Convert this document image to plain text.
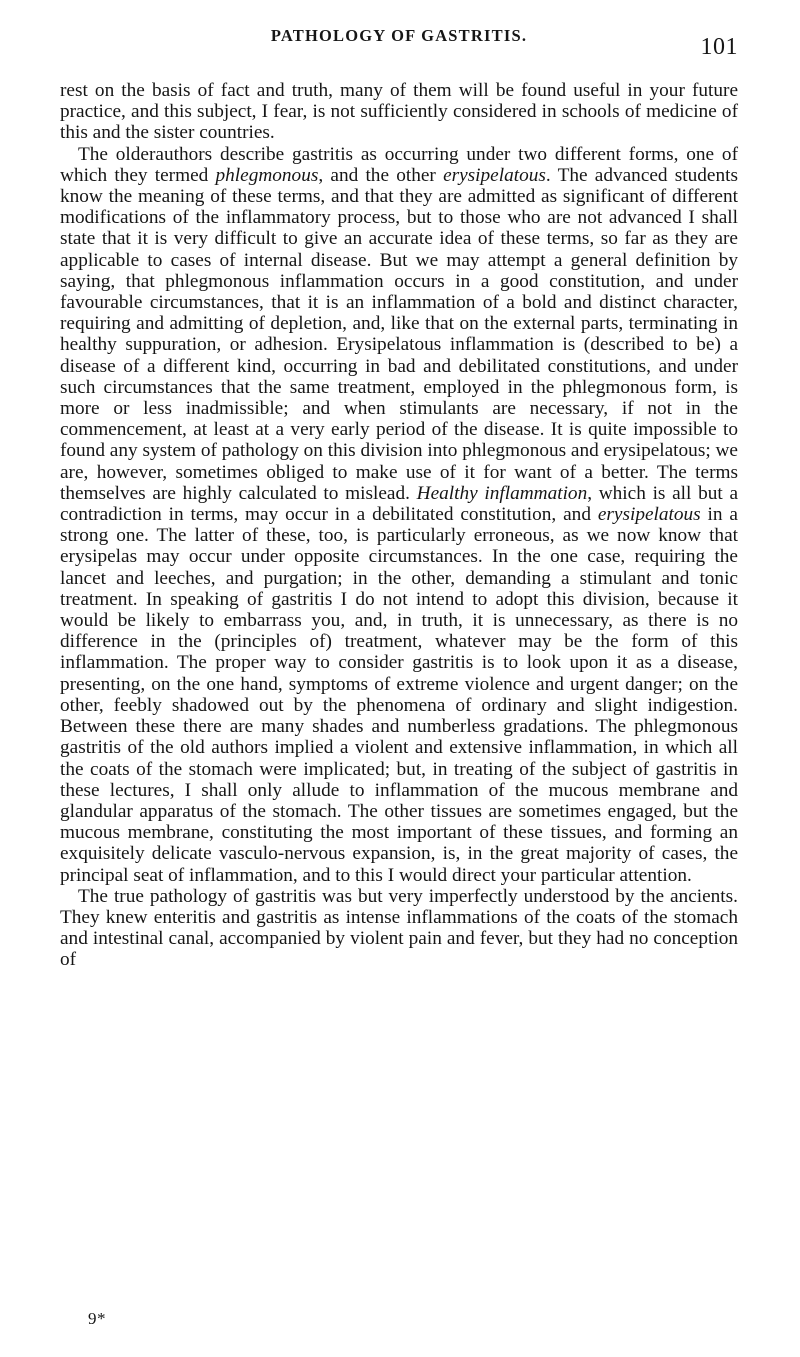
PATHOLOGY OF GASTRITIS.	101

rest on the basis of fact and truth, many of them will be found useful in your future practice, and this subject, I fear, is not sufficiently considered in schools of medicine of this and the sister countries.

The olderauthors describe gastritis as occurring under two different forms, one of which they termed phlegmonous, and the other erysipelatous. The advanced students know the meaning of these terms, and that they are admitted as significant of different modifications of the inflammatory process, but to those who are not advanced I shall state that it is very difficult to give an accurate idea of these terms, so far as they are applicable to cases of internal disease. But we may attempt a general definition by saying, that phlegmonous inflammation occurs in a good constitution, and under favourable circumstances, that it is an inflammation of a bold and distinct character, requiring and admitting of depletion, and, like that on the external parts, terminating in healthy suppuration, or adhesion. Erysipelatous inflammation is (described to be) a disease of a different kind, occurring in bad and debilitated constitutions, and under such circumstances that the same treatment, employed in the phlegmonous form, is more or less inadmissible; and when stimulants are necessary, if not in the commencement, at least at a very early period of the disease. It is quite impossible to found any system of pathology on this division into phlegmonous and erysipelatous; we are, however, sometimes obliged to make use of it for want of a better. The terms themselves are highly calculated to mislead. Healthy inflammation, which is all but a contradiction in terms, may occur in a debilitated constitution, and erysipelatous in a strong one. The latter of these, too, is particularly erroneous, as we now know that erysipelas may occur under opposite circumstances. In the one case, requiring the lancet and leeches, and purgation; in the other, demanding a stimulant and tonic treatment. In speaking of gastritis I do not intend to adopt this division, because it would be likely to embarrass you, and, in truth, it is unnecessary, as there is no difference in the (principles of) treatment, whatever may be the form of this inflammation. The proper way to consider gastritis is to look upon it as a disease, presenting, on the one hand, symptoms of extreme violence and urgent danger; on the other, feebly shadowed out by the phenomena of ordinary and slight indigestion. Between these there are many shades and numberless gradations. The phlegmonous gastritis of the old authors implied a violent and extensive inflammation, in which all the coats of the stomach were implicated; but, in treating of the subject of gastritis in these lectures, I shall only allude to inflammation of the mucous membrane and glandular apparatus of the stomach. The other tissues are sometimes engaged, but the mucous membrane, constituting the most important of these tissues, and forming an exquisitely delicate vasculo-nervous expansion, is, in the great majority of cases, the principal seat of inflammation, and to this I would direct your particular attention.

The true pathology of gastritis was but very imperfectly understood by the ancients. They knew enteritis and gastritis as intense inflammations of the coats of the stomach and intestinal canal, accompanied by violent pain and fever, but they had no conception of

9*
